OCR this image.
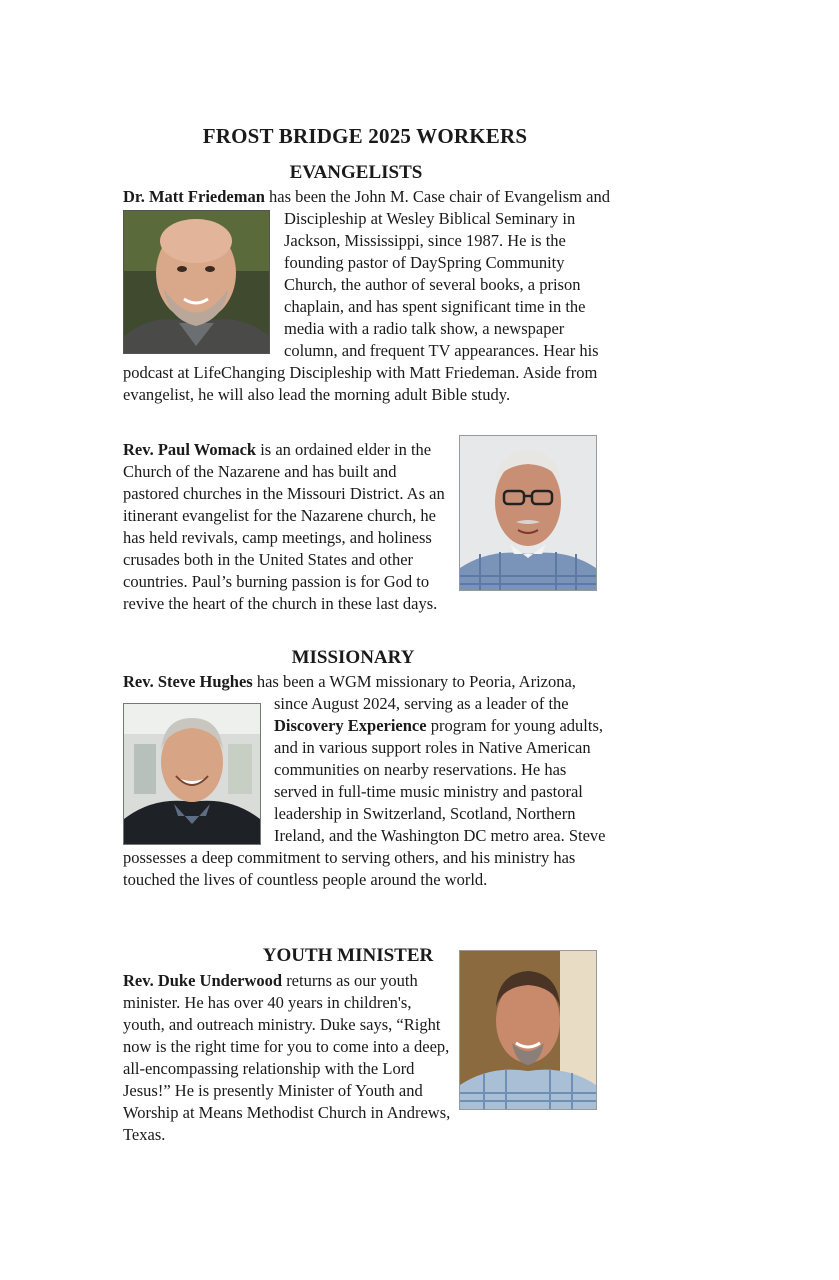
FROST BRIDGE 2025 WORKERS
EVANGELISTS

Dr. Matt Friedeman has been the John M. Case chair of Evangelism and Discipleship at Wesley Biblical Seminary in Jackson, Mississippi, since 1987. He is the founding pastor of DaySpring Community Church, the author of several books, a prison chaplain, and has spent significant time in the media with a radio talk show, a newspaper column, and frequent TV appearances. Hear his podcast at LifeChanging Discipleship with Matt Friedeman. Aside from evangelist, he will also lead the morning adult Bible study.

Rev. Paul Womack is an ordained elder in the Church of the Nazarene and has built and pastored churches in the Missouri District. As an itinerant evangelist for the Nazarene church, he has held revivals, camp meetings, and holiness crusades both in the United States and other countries. Paul’s burning passion is for God to revive the heart of the church in these last days.

MISSIONARY

Rev. Steve Hughes has been a WGM missionary to Peoria, Arizona, since August 2024, serving as a leader of the Discovery Experience program for young adults, and in various support roles in Native American communities on nearby reservations. He has served in full-time music ministry and pastoral leadership in Switzerland, Scotland, Northern Ireland, and the Washington DC metro area. Steve possesses a deep commitment to serving others, and his ministry has touched the lives of countless people around the world.

YOUTH MINISTER

Rev. Duke Underwood returns as our youth minister. He has over 40 years in children's, youth, and outreach ministry. Duke says, “Right now is the right time for you to come into a deep, all-encompassing relationship with the Lord Jesus!” He is presently Minister of Youth and Worship at Means Methodist Church in Andrews, Texas.
